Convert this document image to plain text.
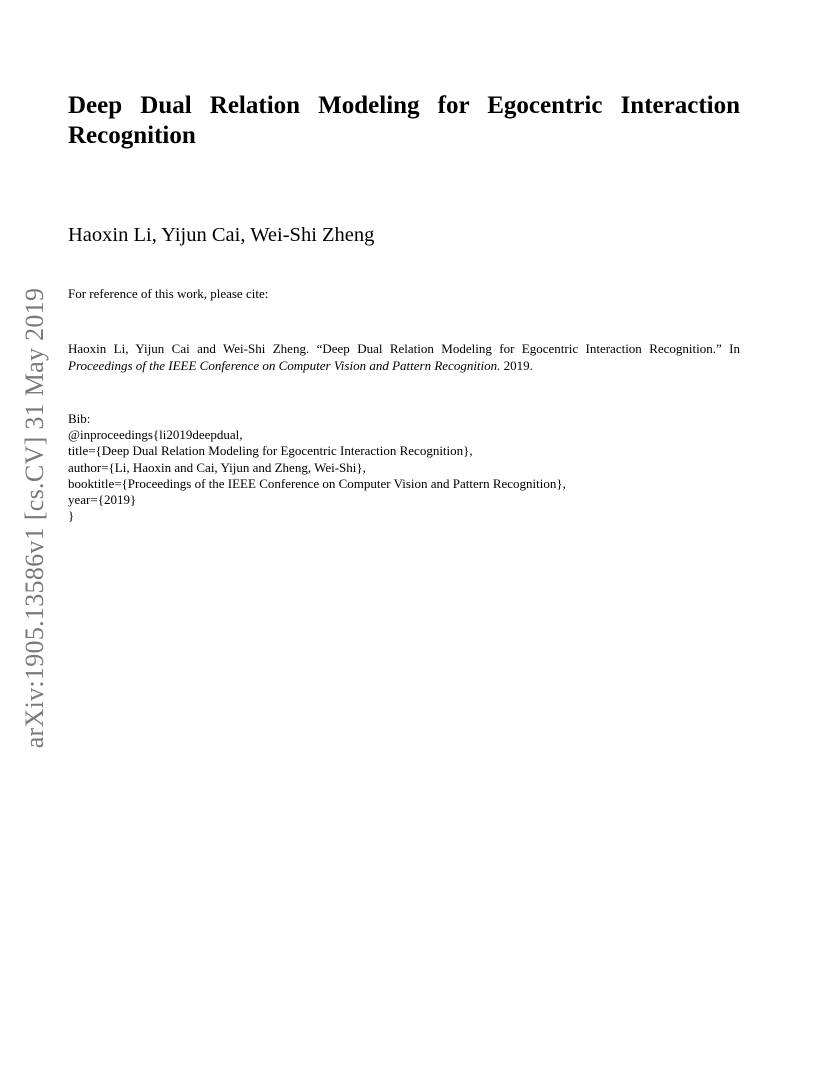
arXiv:1905.13586v1 [cs.CV] 31 May 2019
Deep Dual Relation Modeling for Egocentric Interaction Recognition
Haoxin Li, Yijun Cai, Wei-Shi Zheng
For reference of this work, please cite:
Haoxin Li, Yijun Cai and Wei-Shi Zheng. “Deep Dual Relation Modeling for Egocentric Interaction Recognition.” In Proceedings of the IEEE Conference on Computer Vision and Pattern Recognition. 2019.
Bib:
@inproceedings{li2019deepdual,
title={Deep Dual Relation Modeling for Egocentric Interaction Recognition},
author={Li, Haoxin and Cai, Yijun and Zheng, Wei-Shi},
booktitle={Proceedings of the IEEE Conference on Computer Vision and Pattern Recognition},
year={2019}
}
